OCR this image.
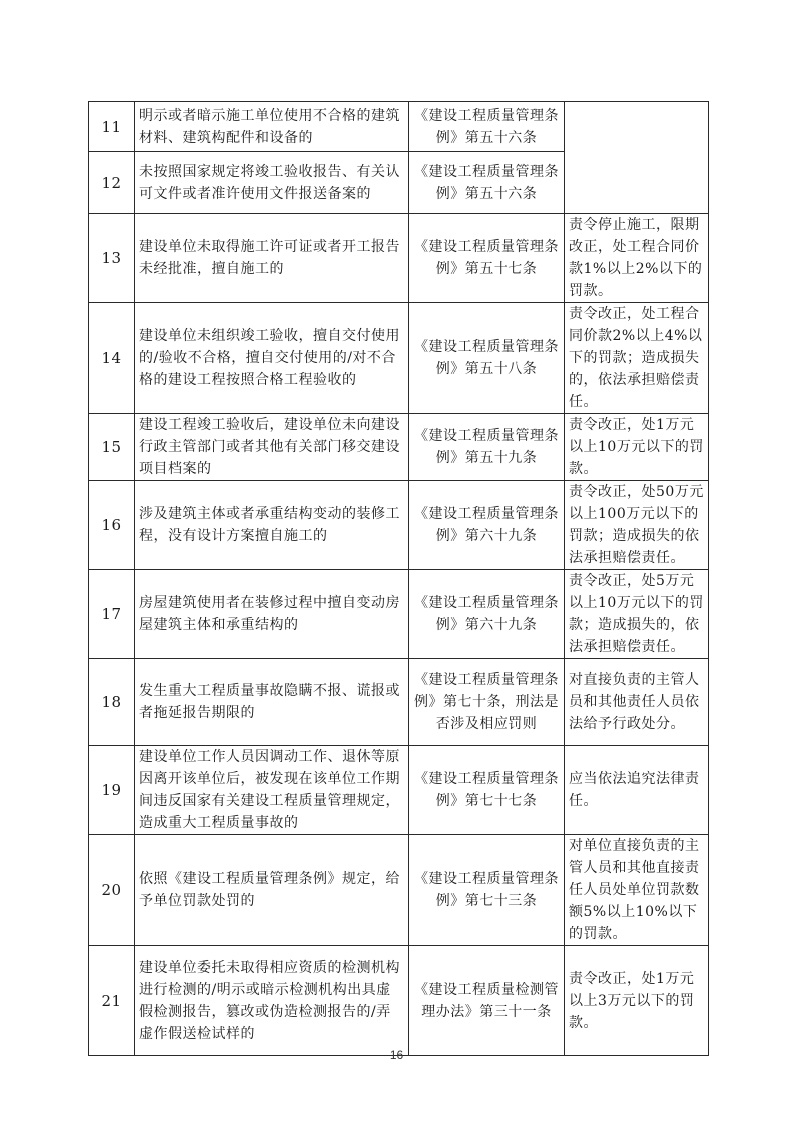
11	明示或者暗示施工单位使用不合格的建筑材料、建筑构配件和设备的	《建设工程质量管理条例》第五十六条	
12	未按照国家规定将竣工验收报告、有关认可文件或者准许使用文件报送备案的	《建设工程质量管理条例》第五十六条	
13	建设单位未取得施工许可证或者开工报告未经批准，擅自施工的	《建设工程质量管理条例》第五十七条	责令停止施工，限期改正，处工程合同价款1%以上2%以下的罚款。
14	建设单位未组织竣工验收，擅自交付使用的/验收不合格，擅自交付使用的/对不合格的建设工程按照合格工程验收的	《建设工程质量管理条例》第五十八条	责令改正，处工程合同价款2%以上4%以下的罚款；造成损失的，依法承担赔偿责任。
15	建设工程竣工验收后，建设单位未向建设行政主管部门或者其他有关部门移交建设项目档案的	《建设工程质量管理条例》第五十九条	责令改正，处1万元以上10万元以下的罚款。
16	涉及建筑主体或者承重结构变动的装修工程，没有设计方案擅自施工的	《建设工程质量管理条例》第六十九条	责令改正，处50万元以上100万元以下的罚款；造成损失的依法承担赔偿责任。
17	房屋建筑使用者在装修过程中擅自变动房屋建筑主体和承重结构的	《建设工程质量管理条例》第六十九条	责令改正，处5万元以上10万元以下的罚款；造成损失的，依法承担赔偿责任。
18	发生重大工程质量事故隐瞒不报、谎报或者拖延报告期限的	《建设工程质量管理条例》第七十条，刑法是否涉及相应罚则	对直接负责的主管人员和其他责任人员依法给予行政处分。
19	建设单位工作人员因调动工作、退休等原因离开该单位后，被发现在该单位工作期间违反国家有关建设工程质量管理规定，造成重大工程质量事故的	《建设工程质量管理条例》第七十七条	应当依法追究法律责任。
20	依照《建设工程质量管理条例》规定，给予单位罚款处罚的	《建设工程质量管理条例》第七十三条	对单位直接负责的主管人员和其他直接责任人员处单位罚款数额5%以上10%以下的罚款。
21	建设单位委托未取得相应资质的检测机构进行检测的/明示或暗示检测机构出具虚假检测报告，篡改或伪造检测报告的/弄虚作假送检试样的	《建设工程质量检测管理办法》第三十一条	责令改正，处1万元以上3万元以下的罚款。
16
